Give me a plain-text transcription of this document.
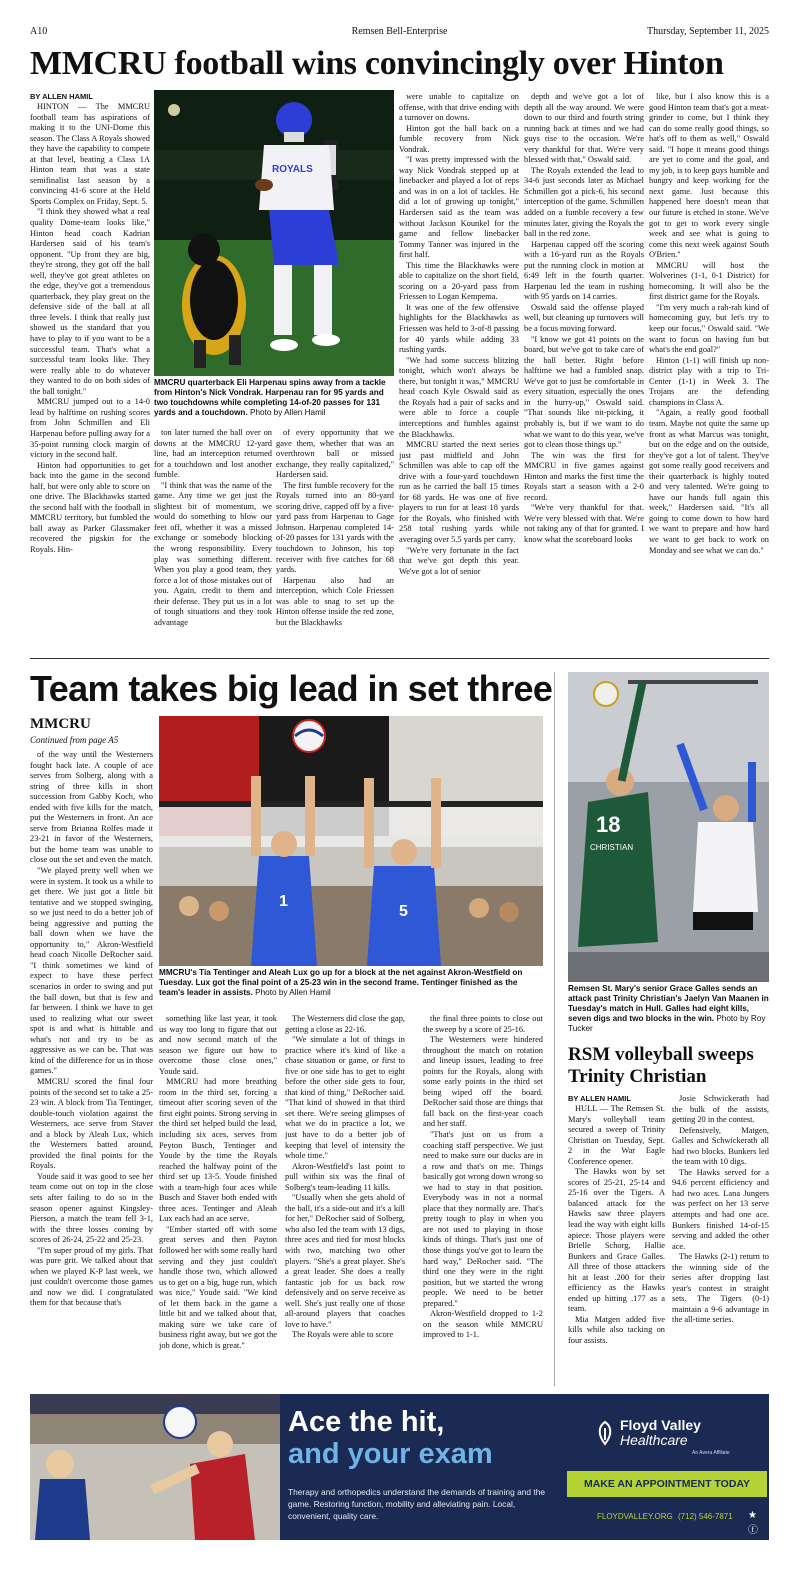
A10	Remsen Bell-Enterprise	Thursday, September 11, 2025
MMCRU football wins convincingly over Hinton
BY ALLEN HAMIL

HINTON — The MMCRU football team has aspirations of making it to the UNI-Dome this season. The Class A Royals showed they have the capability to compete at that level, beating a Class 1A Hinton team that was a state semifinalist last season by a convincing 41-6 score at the Held Sports Complex on Friday, Sept. 5.

"I think they showed what a real quality Dome-team looks like," Hinton head coach Kadrian Hardersen said of his team's opponent. "Up front they are big, they're strong, they got off the ball well, they've got great athletes on the edge, they've got a tremendous quarterback, they play great on the defensive side of the ball at all three levels. I think that really just showed us the standard that you have to play to if you want to be a successful team. That's what a successful team looks like. They were really able to do whatever they wanted to do on both sides of the ball tonight."

MMCRU jumped out to a 14-0 lead by halftime on rushing scores from John Schmillen and Eli Harpenau before pulling away for a 35-point running clock margin of victory in the second half.

Hinton had opportunities to get back into the game in the second half, but were only able to score on one drive. The Blackhawks started the second half with the football in MMCRU territory, but fumbled the ball away as Parker Glassmaker recovered the pigskin for the Royals. Hin-

ROYALS
MMCRU quarterback Eli Harpenau spins away from a tackle from Hinton's Nick Vondrak. Harpenau ran for 95 yards and two touchdowns while completing 14-of-20 passes for 131 yards and a touchdown. Photo by Allen Hamil

ton later turned the ball over on downs at the MMCRU 12-yard line, had an interception returned for a touchdown and lost another fumble.

"I think that was the name of the game. Any time we get just the slightest bit of momentum, we would do something to blow our feet off, whether it was a missed exchange or somebody blocking the wrong responsibility. Every play was something different. When you play a good team, they force a lot of those mistakes out of you. Again, credit to them and their defense. They put us in a lot of tough situations and they took advantage

of every opportunity that we gave them, whether that was an overthrown ball or missed exchange, they really capitalized," Hardersen said.

The first fumble recovery for the Royals turned into an 80-yard scoring drive, capped off by a five-yard pass from Harpenau to Gage Johnson. Harpenau completed 14-of-20 passes for 131 yards with the touchdown to Johnson, his top receiver with five catches for 68 yards.

Harpenau also had an interception, which Cole Friessen was able to snag to set up the Hinton offense inside the red zone, but the Blackhawks

were unable to capitalize on offense, with that drive ending with a turnover on downs.

Hinton got the ball back on a fumble recovery from Nick Vondrak.

"I was pretty impressed with the way Nick Vondrak stepped up at linebacker and played a lot of reps and was in on a lot of tackles. He did a lot of growing up tonight," Hardersen said as the team was without Jackson Kounkel for the game and fellow linebacker Tommy Tanner was injured in the first half.

This time the Blackhawks were able to capitalize on the short field, scoring on a 20-yard pass from Friessen to Logan Kempema.

It was one of the few offensive highlights for the Blackhawks as Friessen was held to 3-of-8 passing for 40 yards while adding 33 rushing yards.

"We had some success blitzing tonight, which won't always be there, but tonight it was," MMCRU head coach Kyle Oswald said as the Royals had a pair of sacks and were able to force a couple interceptions and fumbles against the Blackhawks.

MMCRU started the next series just past midfield and John Schmillen was able to cap off the drive with a four-yard touchdown run as he carried the ball 15 times for 68 yards. He was one of five players to run for at least 18 yards for the Royals, who finished with 258 total rushing yards while averaging over 5.5 yards per carry.

"We're very fortunate in the fact that we've got depth this year. We've got a lot of senior

depth and we've got a lot of depth all the way around. We were down to our third and fourth string running back at times and we had guys rise to the occasion. We're very thankful for that. We're very blessed with that," Oswald said.

The Royals extended the lead to 34-6 just seconds later as Michael Schmillen got a pick-6, his second interception of the game. Schmillen added on a fumble recovery a few minutes later, giving the Royals the ball in the red zone.

Harpenau capped off the scoring with a 16-yard run as the Royals put the running clock in motion at 6:49 left in the fourth quarter. Harpenau led the team in rushing with 95 yards on 14 carries.

Oswald said the offense played well, but cleaning up turnovers will be a focus moving forward.

"I know we got 41 points on the board, but we've got to take care of the ball better. Right before halftime we had a fumbled snap. We've got to just be comfortable in every situation, especially the ones in the hurry-up," Oswald said. "That sounds like nit-picking, it probably is, but if we want to do what we want to do this year, we've got to clean those things up."

The win was the first for MMCRU in five games against Hinton and marks the first time the Royals start a season with a 2-0 record.

"We're very thankful for that. We're very blessed with that. We're not taking any of that for granted. I know what the scoreboard looks

like, but I also know this is a good Hinton team that's got a meat-grinder to come, but I think they can do some really good things, so hat's off to them as well," Oswald said. "I hope it means good things are yet to come and the goal, and my job, is to keep guys humble and hungry and keep working for the next game. Just because this happened here doesn't mean that our future is etched in stone. We've got to get to work every single week and see what is going to come this next week against South O'Brien."

MMCRU will host the Wolverines (1-1, 0-1 District) for homecoming. It will also be the first district game for the Royals.

"I'm very much a rah-rah kind of homecoming guy, but let's try to keep our focus," Oswald said. "We want to focus on having fun but what's the end goal?"

Hinton (1-1) will finish up non-district play with a trip to Tri-Center (1-1) in Week 3. The Trojans are the defending champions in Class A.

"Again, a really good football team. Maybe not quite the same up front as what Marcus was tonight, but on the edge and on the outside, they've got a lot of talent. They've got some really good receivers and their quarterback is highly touted and very talented. We're going to have our hands full again this week," Hardersen said. "It's all going to come down to how hard we want to prepare and how hard we want to get back to work on Monday and see what we can do."

Team takes big lead in set three
MMCRU
Continued from page A5

of the way until the Westerners fought back late. A couple of ace serves from Solberg, along with a string of three kills in short succession from Gabby Koch, who ended with five kills for the match, put the Westerners in front. An ace serve from Brianna Rolfes made it 23-21 in favor of the Westerners, but the home team was unable to close out the set and even the match.

"We played pretty well when we were in system. It took us a while to get there. We just got a little bit tentative and we stopped swinging, so we just need to do a better job of being aggressive and putting the ball down when we have the opportunity to," Akron-Westfield head coach Nicolle DeRocher said. "I think sometimes we kind of expect to have these perfect scenarios in order to swing and put the ball down, but that is few and far between. I think we have to get used to realizing what our sweet spot is and what is hittable and what's not and try to be as aggressive as we can be. That was kind of the difference for us in those games."

MMCRU scored the final four points of the second set to take a 25-23 win. A block from Tia Tentinger, double-touch violation against the Westerners, ace serve from Staver and a block by Aleah Lux, which the Westerners batted around, provided the final points for the Royals.

Youde said it was good to see her team come out on top in the close sets after failing to do so in the season opener against Kingsley-Pierson, a match the team fell 3-1, with the three losses coming by scores of 26-24, 25-22 and 25-23.

"I'm super proud of my girls. That was pure grit. We talked about that when we played K-P last week, we just couldn't overcome those games and now we did. I congratulated them for that because that's

1
5
MMCRU's Tia Tentinger and Aleah Lux go up for a block at the net against Akron-Westfield on Tuesday. Lux got the final point of a 25-23 win in the second frame. Tentinger finished as the team's leader in assists. Photo by Allen Hamil

something like last year, it took us way too long to figure that out and now second match of the season we figure out how to overcome those close ones," Youde said.

MMCRU had more breathing room in the third set, forcing a timeout after scoring seven of the first eight points. Strong serving in the third set helped build the lead, including six aces, serves from Peyton Busch, Tentinger and Youde by the time the Royals reached the halfway point of the third set up 13-5. Youde finished with a team-high four aces while Busch and Staver both ended with three aces. Tentinger and Aleah Lux each had an ace serve.

"Ember started off with some great serves and then Payton followed her with some really hard serving and they just couldn't handle those two, which allowed us to get on a big, huge run, which was nice," Youde said. "We kind of let them back in the game a little bit and we talked about that, making sure we take care of business right away, but we got the job done, which is great."

The Westerners did close the gap, getting a close as 22-16.

"We simulate a lot of things in practice where it's kind of like a chase situation or game, or first to five or one side has to get to eight before the other side gets to four, that kind of thing," DeRocher said. "That kind of showed in that third set there. We're seeing glimpses of what we do in practice a lot, we just have to do a better job of keeping that level of intensity the whole time."

Akron-Westfield's last point to pull within six was the final of Solberg's team-leading 11 kills.

"Usually when she gets ahold of the ball, it's a side-out and it's a kill for her," DeRocher said of Solberg, who also led the team with 13 digs, three aces and tied for most blocks with two, matching two other players. "She's a great player. She's a great leader. She does a really fantastic job for us back row defensively and on serve receive as well. She's just really one of those all-around players that coaches love to have."

The Royals were able to score

the final three points to close out the sweep by a score of 25-16.

The Westerners were hindered throughout the match on rotation and lineup issues, leading to free points for the Royals, along with some early points in the third set being wiped off the board. DeRocher said those are things that fall back on the first-year coach and her staff.

"That's just on us from a coaching staff perspective. We just need to make sure our ducks are in a row and that's on me. Things basically got wrong down wrong so we had to stay in that position. Everybody was in not a normal place that they normally are. That's pretty tough to play in when you are not used to playing in those kinds of things. That's just one of those things you've got to learn the hard way," DeRocher said. "The third one they were in the right position, but we started the wrong people. We need to be better prepared."

Akron-Westfield dropped to 1-2 on the season while MMCRU improved to 1-1.

18
CHRISTIAN
Remsen St. Mary's senior Grace Galles sends an attack past Trinity Christian's Jaelyn Van Maanen in Tuesday's match in Hull. Galles had eight kills, seven digs and two blocks in the win. Photo by Roy Tucker
RSM volleyball sweeps Trinity Christian
BY ALLEN HAMIL

HULL — The Remsen St. Mary's volleyball team secured a sweep of Trinity Christian on Tuesday, Sept. 2 in the War Eagle Conference opener.

The Hawks won by set scores of 25-21, 25-14 and 25-16 over the Tigers. A balanced attack for the Hawks saw three players lead the way with eight kills apiece. Those players were Brielle Schorg, Hallie Bunkers and Grace Galles. All three of those attackers hit at least .200 for their efficiency as the Hawks ended up hitting .177 as a team.

Mia Matgen added five kills while also tacking on four assists.

Josie Schwickerath had the bulk of the assists, getting 20 in the contest.

Defensively, Matgen, Galles and Schwickerath all had two blocks. Bunkers led the team with 10 digs.

The Hawks served for a 94.6 percent efficiency and had two aces. Lana Jungers was perfect on her 13 serve attempts and had one ace. Bunkers finished 14-of-15 serving and added the other ace.

The Hawks (2-1) return to the winning side of the series after dropping last year's contest in straight sets. The Tigers (0-1) maintain a 9-6 advantage in the all-time series.

Ace the hit,
and your exam
Therapy and orthopedics understand the demands of training and the game. Restoring function, mobility and alleviating pain. Local, convenient, quality care.
Floyd Valley
Healthcare
An Avera Affiliate
MAKE AN APPOINTMENT TODAY
FLOYDVALLEY.ORG (712) 546-7871 ★ ⓕ
